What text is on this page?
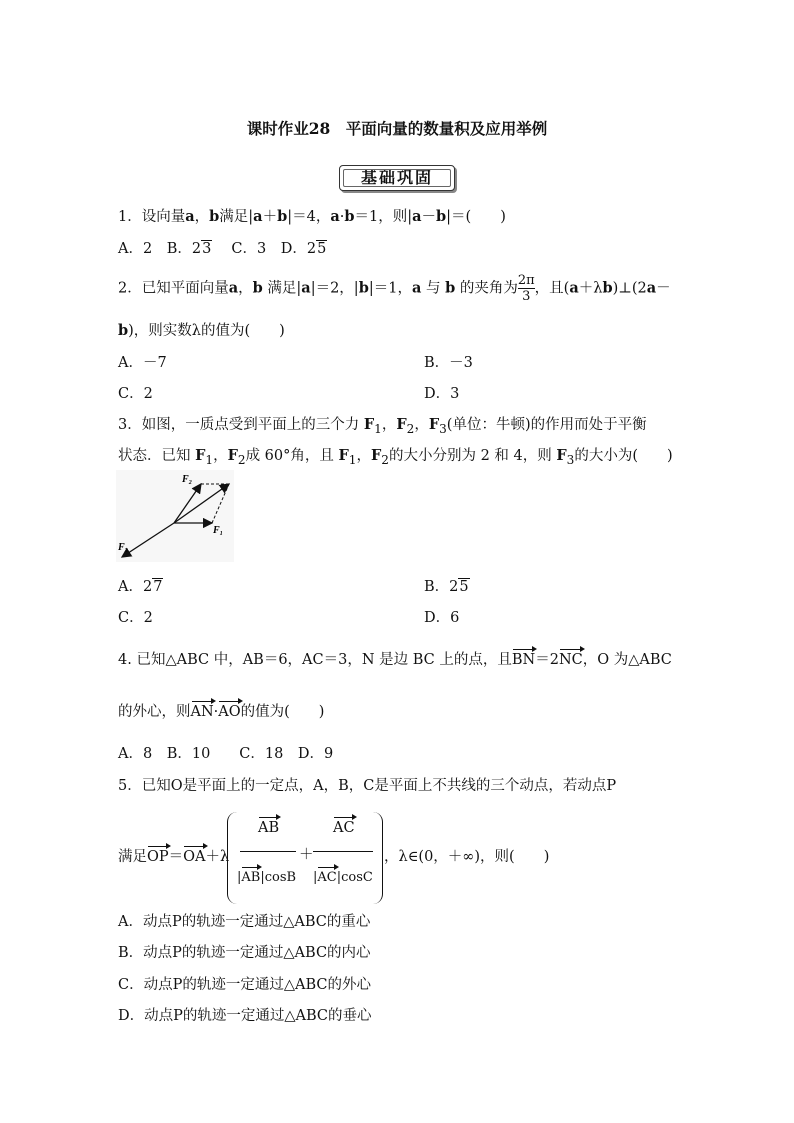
课时作业28　平面向量的数量积及应用举例
基础巩固
1．设向量a，b满足|a＋b|＝4，a·b＝1，则|a－b|＝(　　)
A．2　B．23　 C．3　D．25
2．已知平面向量a，b 满足|a|＝2，|b|＝1，a 与 b 的夹角为 $\frac{2\pi}{3}$ ，且(a＋λb)⊥(2a－
b)，则实数λ的值为(　　)
A．－7	B．－3
C．2	D．3
3．如图，一质点受到平面上的三个力 $F_1$，$F_2$，$F_3$(单位：牛顿)的作用而处于平衡
状态．已知 $F_1$，$F_2$成 60°角，且 $F_1$，$F_2$的大小分别为 2 和 4，则 $F_3$的大小为(　　)
F₂
F₁
F₃
A．27	B．25
C．2	D．6
4. 已知△ABC 中，AB＝6，AC＝3，N 是边 BC 上的点，且BN＝2NC，O 为△ABC
的外心，则AN·AO的值为(　　)
A．8　B．10　　C．18　D．9
5．已知O是平面上的一定点，A，B，C是平面上不共线的三个动点，若动点P
满足OP＝OA＋λ
AB
＋
|AB|cosB
AC
|AC|cosC
，λ∈(0，＋∞)，则(　　)
A．动点P的轨迹一定通过△ABC的重心
B．动点P的轨迹一定通过△ABC的内心
C．动点P的轨迹一定通过△ABC的外心
D．动点P的轨迹一定通过△ABC的垂心
